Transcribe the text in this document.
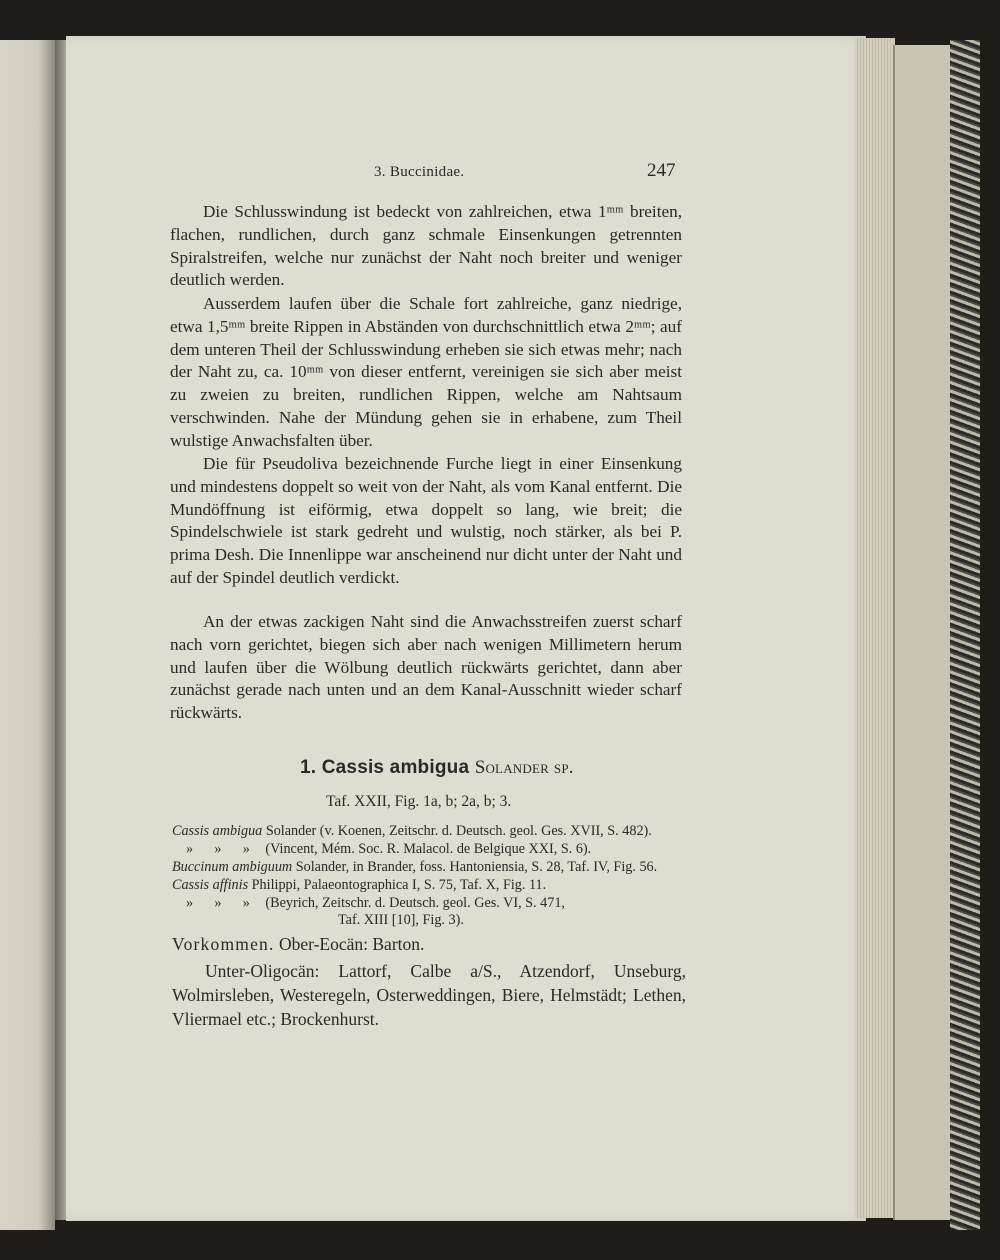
3. Buccinidae.	247

Die Schlusswindung ist bedeckt von zahlreichen, etwa 1ᵐᵐ breiten, flachen, rundlichen, durch ganz schmale Einsenkungen getrennten Spiralstreifen, welche nur zunächst der Naht noch breiter und weniger deutlich werden.

Ausserdem laufen über die Schale fort zahlreiche, ganz niedrige, etwa 1,5ᵐᵐ breite Rippen in Abständen von durchschnittlich etwa 2ᵐᵐ; auf dem unteren Theil der Schlusswindung erheben sie sich etwas mehr; nach der Naht zu, ca. 10ᵐᵐ von dieser entfernt, vereinigen sie sich aber meist zu zweien zu breiten, rundlichen Rippen, welche am Nahtsaum verschwinden. Nahe der Mündung gehen sie in erhabene, zum Theil wulstige Anwachsfalten über.

Die für Pseudoliva bezeichnende Furche liegt in einer Einsenkung und mindestens doppelt so weit von der Naht, als vom Kanal entfernt. Die Mundöffnung ist eiförmig, etwa doppelt so lang, wie breit; die Spindelschwiele ist stark gedreht und wulstig, noch stärker, als bei P. prima Desh. Die Innenlippe war anscheinend nur dicht unter der Naht und auf der Spindel deutlich verdickt.

An der etwas zackigen Naht sind die Anwachsstreifen zuerst scharf nach vorn gerichtet, biegen sich aber nach wenigen Millimetern herum und laufen über die Wölbung deutlich rückwärts gerichtet, dann aber zunächst gerade nach unten und an dem Kanal-Ausschnitt wieder scharf rückwärts.

1. Cassis ambigua Solander sp.
Taf. XXII, Fig. 1a, b; 2a, b; 3.
Cassis ambigua Solander (v. Koenen, Zeitschr. d. Deutsch. geol. Ges. XVII, S. 482).
»      »      » (Vincent, Mém. Soc. R. Malacol. de Belgique XXI, S. 6).
Buccinum ambiguum Solander, in Brander, foss. Hantoniensia, S. 28, Taf. IV, Fig. 56.
Cassis affinis Philippi, Palaeontographica I, S. 75, Taf. X, Fig. 11.
»      »      » (Beyrich, Zeitschr. d. Deutsch. geol. Ges. VI, S. 471,
Taf. XIII [10], Fig. 3).
Vorkommen. Ober-Eocän: Barton.
Unter-Oligocän: Lattorf, Calbe a/S., Atzendorf, Unseburg, Wolmirsleben, Westeregeln, Osterweddingen, Biere, Helmstädt; Lethen, Vliermael etc.; Brockenhurst.
